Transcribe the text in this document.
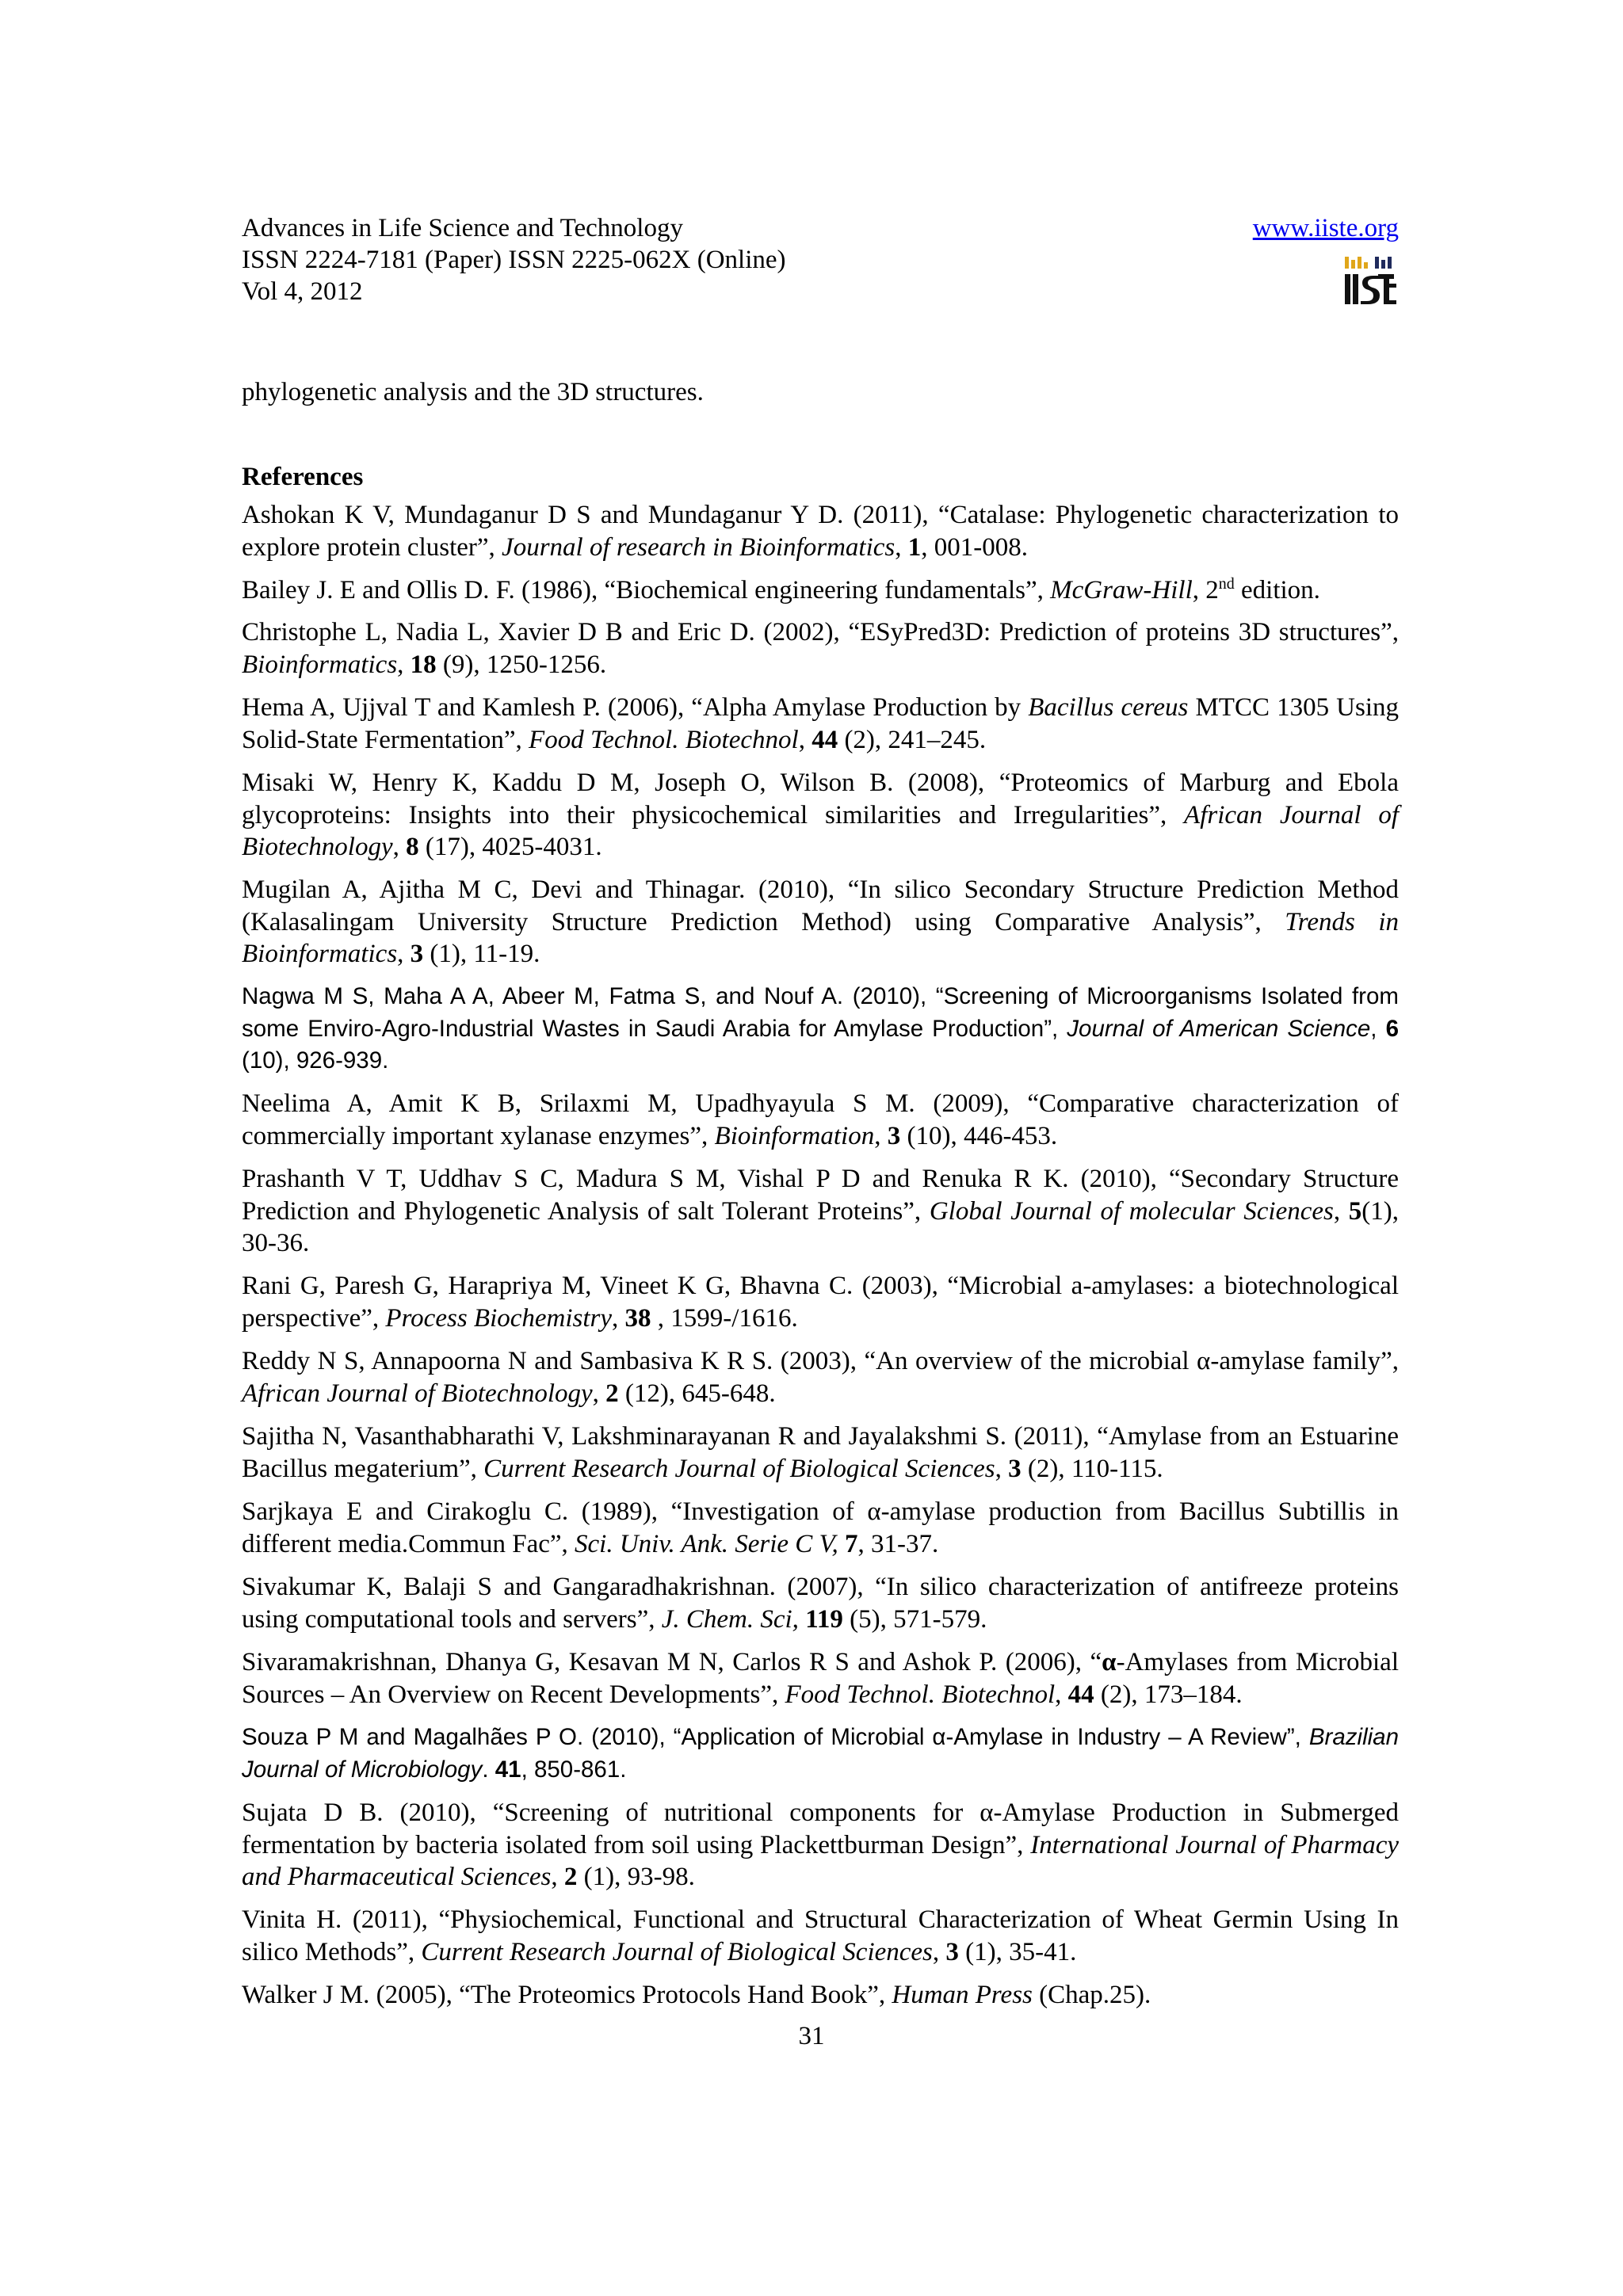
Advances in Life Science and Technology
ISSN 2224-7181 (Paper) ISSN 2225-062X (Online)
Vol 4, 2012
www.iiste.org
phylogenetic analysis and the 3D structures.
References
Ashokan K V, Mundaganur D S and Mundaganur Y D. (2011), “Catalase: Phylogenetic characterization to explore protein cluster”, Journal of research in Bioinformatics, 1, 001-008.
Bailey J. E and Ollis D. F. (1986), “Biochemical engineering fundamentals”, McGraw-Hill, 2nd edition.
Christophe L, Nadia L, Xavier D B and Eric D. (2002), “ESyPred3D: Prediction of proteins 3D structures”, Bioinformatics, 18 (9), 1250-1256.
Hema A, Ujjval T and Kamlesh P. (2006), “Alpha Amylase Production by Bacillus cereus MTCC 1305 Using Solid-State Fermentation”, Food Technol. Biotechnol, 44 (2), 241–245.
Misaki W, Henry K, Kaddu D M, Joseph O, Wilson B. (2008), “Proteomics of Marburg and Ebola glycoproteins: Insights into their physicochemical similarities and Irregularities”, African Journal of Biotechnology, 8 (17), 4025-4031.
Mugilan A, Ajitha M C, Devi and Thinagar. (2010), “In silico Secondary Structure Prediction Method (Kalasalingam University Structure Prediction Method) using Comparative Analysis”, Trends in Bioinformatics, 3 (1), 11-19.
Nagwa M S, Maha A A, Abeer M, Fatma S, and Nouf A. (2010), “Screening of Microorganisms Isolated from some Enviro-Agro-Industrial Wastes in Saudi Arabia for Amylase Production”, Journal of American Science, 6 (10), 926-939.
Neelima A, Amit K B, Srilaxmi M, Upadhyayula S M. (2009), “Comparative characterization of commercially important xylanase enzymes”, Bioinformation, 3 (10), 446-453.
Prashanth V T, Uddhav S C, Madura S M, Vishal P D and Renuka R K. (2010), “Secondary Structure Prediction and Phylogenetic Analysis of salt Tolerant Proteins”, Global Journal of molecular Sciences, 5(1), 30-36.
Rani G, Paresh G, Harapriya M, Vineet K G, Bhavna C. (2003), “Microbial a-amylases: a biotechnological perspective”, Process Biochemistry, 38 , 1599-/1616.
Reddy N S, Annapoorna N and Sambasiva K R S. (2003), “An overview of the microbial α-amylase family”, African Journal of Biotechnology, 2 (12), 645-648.
Sajitha N, Vasanthabharathi V, Lakshminarayanan R and Jayalakshmi S. (2011), “Amylase from an Estuarine Bacillus megaterium”, Current Research Journal of Biological Sciences, 3 (2), 110-115.
Sarjkaya E and Cirakoglu C. (1989), “Investigation of α-amylase production from Bacillus Subtillis in different media.Commun Fac”, Sci. Univ. Ank. Serie C V, 7, 31-37.
Sivakumar K, Balaji S and Gangaradhakrishnan. (2007), “In silico characterization of antifreeze proteins using computational tools and servers”, J. Chem. Sci, 119 (5), 571-579.
Sivaramakrishnan, Dhanya G, Kesavan M N, Carlos R S and Ashok P. (2006), “α-Amylases from Microbial Sources – An Overview on Recent Developments”, Food Technol. Biotechnol, 44 (2), 173–184.
Souza P M and Magalhães P O. (2010), “Application of Microbial α-Amylase in Industry – A Review”, Brazilian Journal of Microbiology. 41, 850-861.
Sujata D B. (2010), “Screening of nutritional components for α-Amylase Production in Submerged fermentation by bacteria isolated from soil using Plackettburman Design”, International Journal of Pharmacy and Pharmaceutical Sciences, 2 (1), 93-98.
Vinita H. (2011), “Physiochemical, Functional and Structural Characterization of Wheat Germin Using In silico Methods”, Current Research Journal of Biological Sciences, 3 (1), 35-41.
Walker J M. (2005), “The Proteomics Protocols Hand Book”, Human Press (Chap.25).
31
